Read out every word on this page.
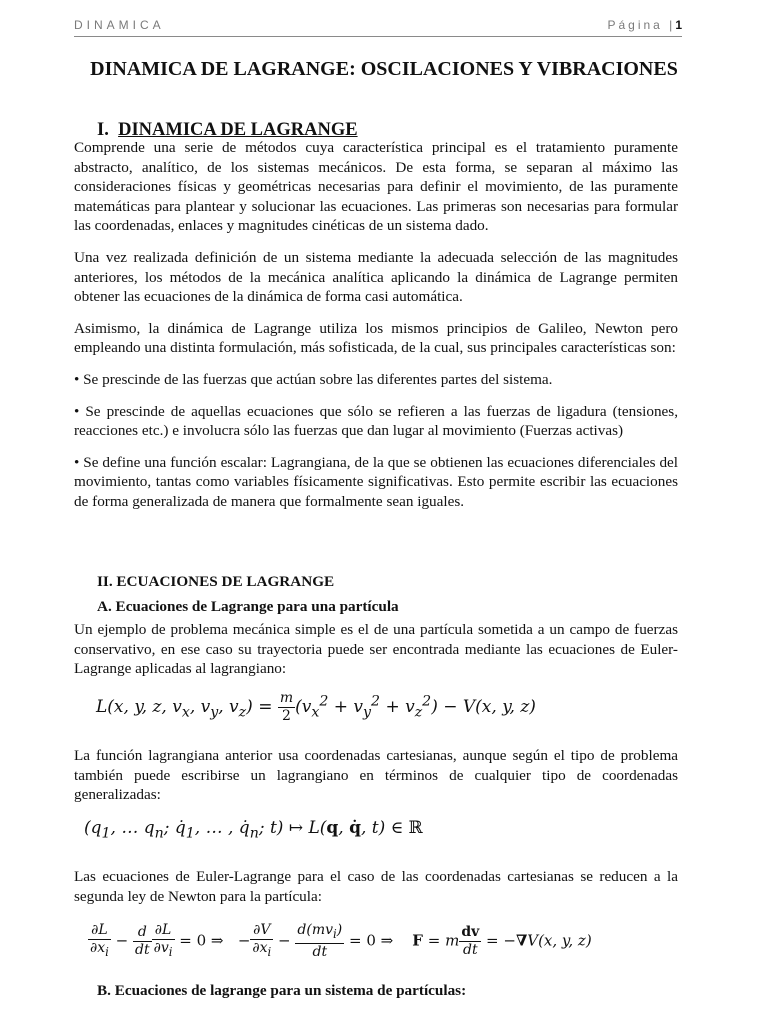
DINAMICA	Página |1
DINAMICA DE LAGRANGE: OSCILACIONES Y VIBRACIONES
I. DINAMICA DE LAGRANGE

Comprende una serie de métodos cuya característica principal es el tratamiento puramente abstracto, analítico, de los sistemas mecánicos. De esta forma, se separan al máximo las consideraciones físicas y geométricas necesarias para definir el movimiento, de las puramente matemáticas para plantear y solucionar las ecuaciones. Las primeras son necesarias para formular las coordenadas, enlaces y magnitudes cinéticas de un sistema dado.

Una vez realizada definición de un sistema mediante la adecuada selección de las magnitudes anteriores, los métodos de la mecánica analítica aplicando la dinámica de Lagrange permiten obtener las ecuaciones de la dinámica de forma casi automática.

Asimismo, la dinámica de Lagrange utiliza los mismos principios de Galileo, Newton pero empleando una distinta formulación, más sofisticada, de la cual, sus principales características son:

• Se prescinde de las fuerzas que actúan sobre las diferentes partes del sistema.

• Se prescinde de aquellas ecuaciones que sólo se refieren a las fuerzas de ligadura (tensiones, reacciones etc.) e involucra sólo las fuerzas que dan lugar al movimiento (Fuerzas activas)

• Se define una función escalar: Lagrangiana, de la que se obtienen las ecuaciones diferenciales del movimiento, tantas como variables físicamente significativas. Esto permite escribir las ecuaciones de forma generalizada de manera que formalmente sean iguales.

II. ECUACIONES DE LAGRANGE
A. Ecuaciones de Lagrange para una partícula
Un ejemplo de problema mecánica simple es el de una partícula sometida a un campo de fuerzas conservativo, en ese caso su trayectoria puede ser encontrada mediante las ecuaciones de Euler-Lagrange aplicadas al lagrangiano:
L(x, y, z, $v_x$, $v_y$, $v_z) = \frac{m}{2} (v_x^2 + v_y^2 + v_z^2) - V(x$, y, z)
La función lagrangiana anterior usa coordenadas cartesianas, aunque según el tipo de problema también puede escribirse un lagrangiano en términos de cualquier tipo de coordenadas generalizadas:
($q_1$, … $q_n$; $q̇_1$, … , $q̇_n$; t) ↦ L(q, q̇, t) ∈ ℝ
Las ecuaciones de Euler-Lagrange para el caso de las coordenadas cartesianas se reducen a la segunda ley de Newton para la partícula:
$\frac{\partial L}{\partial x_i} - \frac{d}{dt} \frac{\partial L}{\partial v_i} = 0$ ⇒ − $\frac{\partial V}{\partial x_i} - \frac{d(mv_i)}{dt} = 0$ ⇒ F = m $\frac{dv}{dt} = -\nabla V(x$, y, z)
B. Ecuaciones de lagrange para un sistema de partículas:
